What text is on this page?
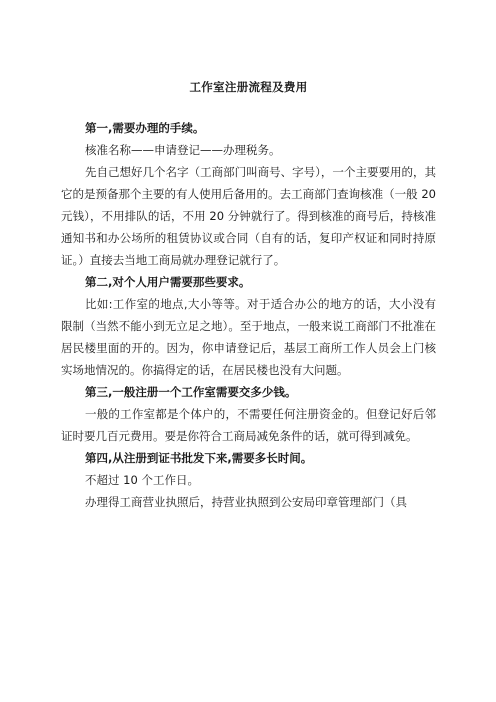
工作室注册流程及费用

第一,需要办理的手续。

核准名称——申请登记——办理税务。

先自己想好几个名字（工商部门叫商号、字号），一个主要要用的，其它的是预备那个主要的有人使用后备用的。去工商部门查询核准（一般 20 元钱），不用排队的话，不用 20 分钟就行了。得到核准的商号后，持核准通知书和办公场所的租赁协议或合同（自有的话，复印产权证和同时持原证。）直接去当地工商局就办理登记就行了。

第二,对个人用户需要那些要求。

比如:工作室的地点,大小等等。对于适合办公的地方的话，大小没有限制（当然不能小到无立足之地）。至于地点，一般来说工商部门不批准在居民楼里面的开的。因为，你申请登记后，基层工商所工作人员会上门核实场地情况的。你搞得定的话，在居民楼也没有大问题。

第三,一般注册一个工作室需要交多少钱。

一般的工作室都是个体户的，不需要任何注册资金的。但登记好后邻证时要几百元费用。要是你符合工商局减免条件的话，就可得到减免。

第四,从注册到证书批发下来,需要多长时间。

不超过 10 个工作日。

办理得工商营业执照后，持营业执照到公安局印章管理部门（具
